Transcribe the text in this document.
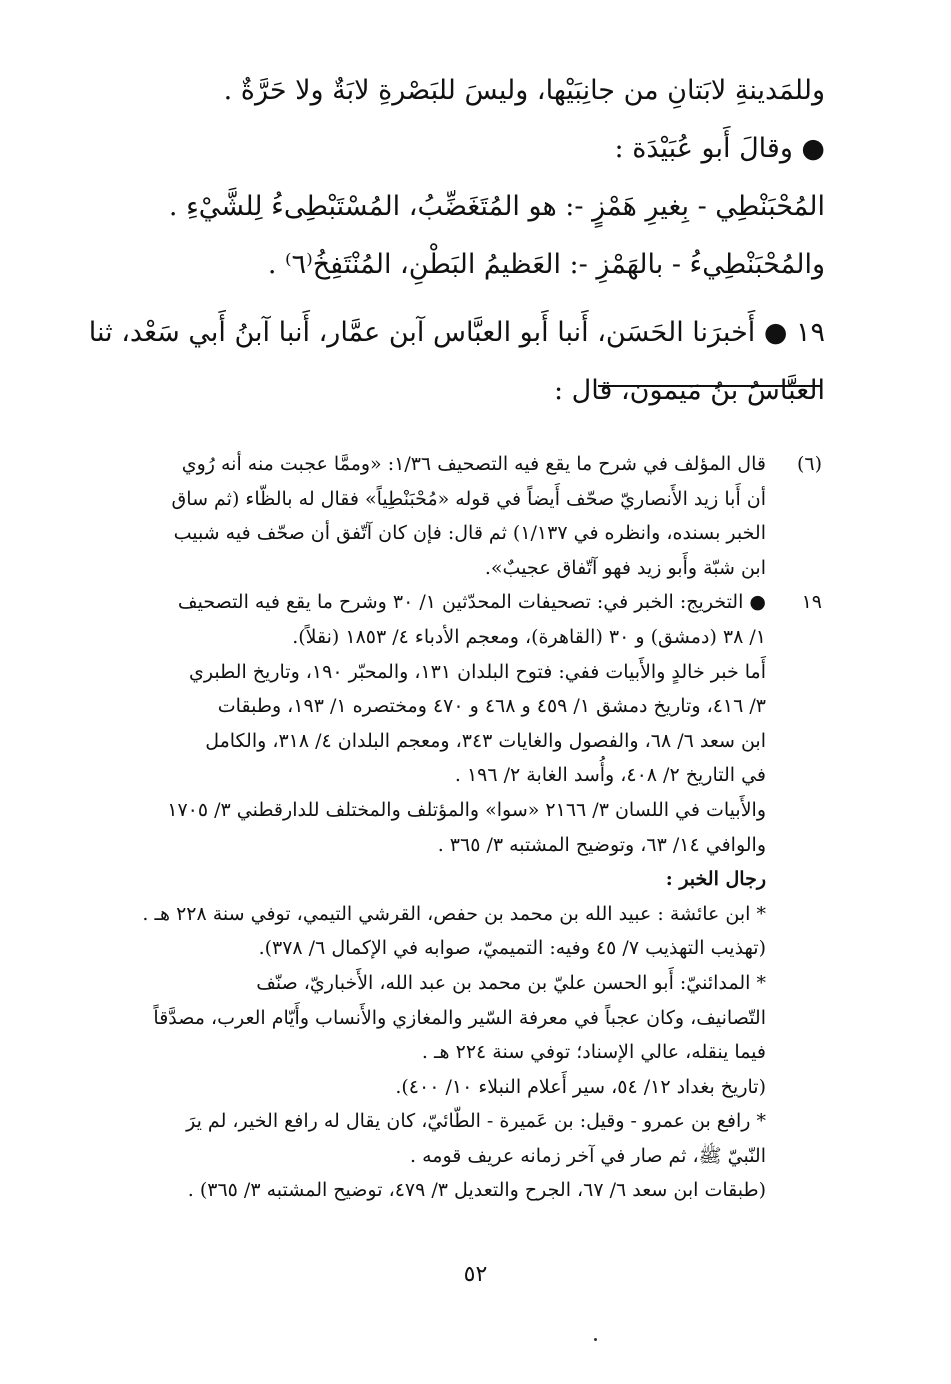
وللمَدينةِ لابَتانِ من جانِبَيْها، وليسَ للبَصْرةِ لابَةٌ ولا حَرَّةٌ .
● وقالَ أَبو عُبَيْدَة :
المُحْبَنْطِي - بِغيرِ هَمْزٍ -: هو المُتَغَضِّبُ، المُسْتَبْطِىءُ لِلشَّيْءِ .
والمُحْبَنْطِيءُ - بالهَمْزِ -: العَظيمُ البَطْنِ، المُنْتَفِخُ⁽٦⁾ .
١٩ ● أَخبرَنا الحَسَن، أَنبا أَبو العبَّاس آبن عمَّار، أَنبا آبنُ أَبي سَعْد، ثنا
العبَّاسُ بنُ مَيمون، قال :
(٦)
قال المؤلف في شرح ما يقع فيه التصحيف ١/٣٦: «وممَّا عجبت منه أنه رُوي
أن أَبا زيد الأَنصاريّ صحّف أَيضاً في قوله «مُحْبَنْطِياً» فقال له بالظّاء (ثم ساق
الخبر بسنده، وانظره في ١/١٣٧) ثم قال: فإن كان آتّفق أن صحّف فيه شبيب
ابن شبّة وأَبو زيد فهو آتّفاق عجيبٌ».
١٩
● التخريج: الخبر في: تصحيفات المحدّثين ١/ ٣٠ وشرح ما يقع فيه التصحيف
١/ ٣٨ (دمشق) و ٣٠ (القاهرة)، ومعجم الأدباء ٤/ ١٨٥٣ (نقلاً).
أَما خبر خالدٍ والأَبيات ففي: فتوح البلدان ١٣١، والمحبّر ١٩٠، وتاريخ الطبري
٣/ ٤١٦، وتاريخ دمشق ١/ ٤٥٩ و ٤٦٨ و ٤٧٠ ومختصره ١/ ١٩٣، وطبقات
ابن سعد ٦/ ٦٨، والفصول والغايات ٣٤٣، ومعجم البلدان ٤/ ٣١٨، والكامل
في التاريخ ٢/ ٤٠٨، وأُسد الغابة ٢/ ١٩٦ .
والأَبيات في اللسان ٣/ ٢١٦٦ «سوا» والمؤتلف والمختلف للدارقطني ٣/ ١٧٠٥
والوافي ١٤/ ٦٣، وتوضيح المشتبه ٣/ ٣٦٥ .
رجال الخبر :
* ابن عائشة : عبيد الله بن محمد بن حفص، القرشي التيمي، توفي سنة ٢٢٨ هـ .
(تهذيب التهذيب ٧/ ٤٥ وفيه: التميميّ، صوابه في الإكمال ٦/ ٣٧٨).
* المدائنيّ: أَبو الحسن عليّ بن محمد بن عبد الله، الأَخباريّ، صنّف
التّصانيف، وكان عجباً في معرفة السّير والمغازي والأَنساب وأَيّام العرب، مصدَّقاً
فيما ينقله، عالي الإسناد؛ توفي سنة ٢٢٤ هـ .
(تاريخ بغداد ١٢/ ٥٤، سير أَعلام النبلاء ١٠/ ٤٠٠).
* رافع بن عمرو - وقيل: بن عَميرة - الطّائيّ، كان يقال له رافع الخير، لم يرَ
النّبيّ ﷺ، ثم صار في آخر زمانه عريف قومه .
(طبقات ابن سعد ٦/ ٦٧، الجرح والتعديل ٣/ ٤٧٩، توضيح المشتبه ٣/ ٣٦٥) .
٥٢
